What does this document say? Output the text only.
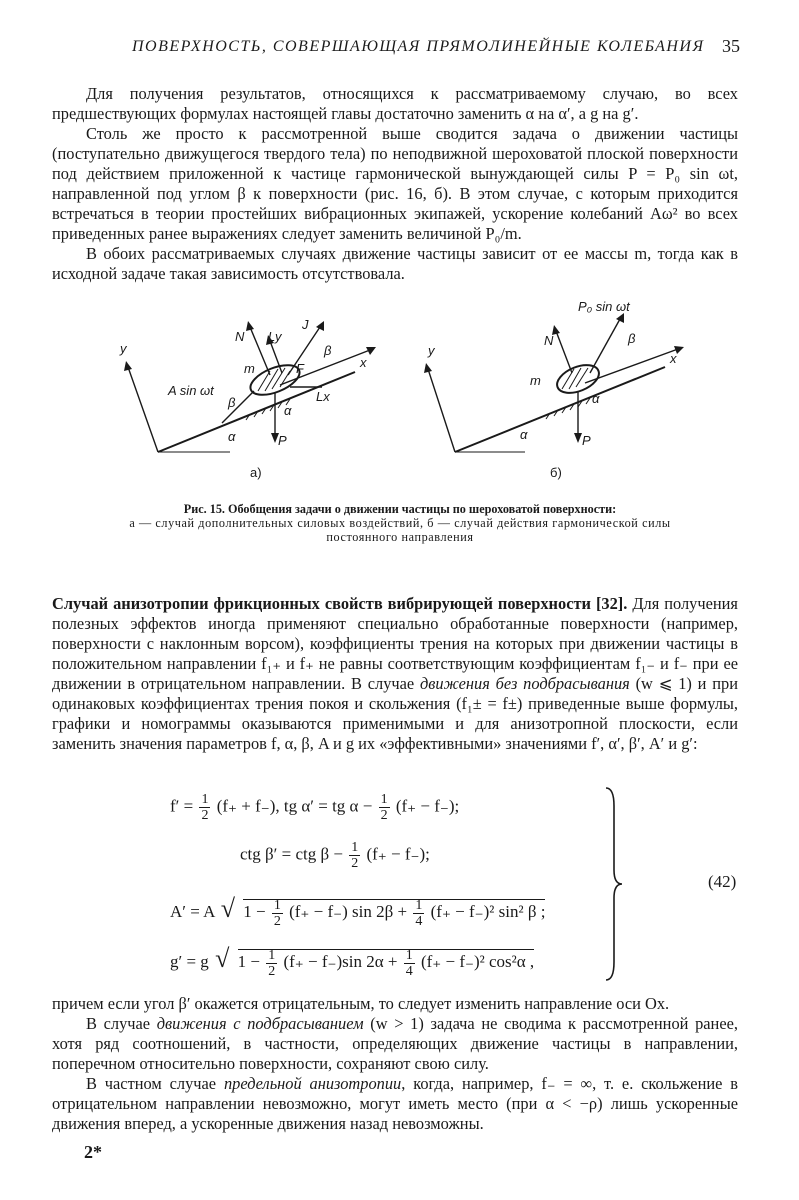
ПОВЕРХНОСТЬ, СОВЕРШАЮЩАЯ ПРЯМОЛИНЕЙНЫЕ КОЛЕБАНИЯ 35

Для получения результатов, относящихся к рассматриваемому случаю, во всех предшествующих формулах настоящей главы достаточно заменить α на α′, a g на g′.

Столь же просто к рассмотренной выше сводится задача о движении частицы (поступательно движущегося твердого тела) по неподвижной шероховатой плоской поверхности под действием приложенной к частице гармонической вынуждающей силы P = P₀ sin ωt, направленной под углом β к поверхности (рис. 16, б). В этом случае, с которым приходится встречаться в теории простейших вибрационных экипажей, ускорение колебаний Aω² во всех приведенных ранее выражениях следует заменить величиной P₀/m.

В обоих рассматриваемых случаях движение частицы зависит от ее массы m, тогда как в исходной задаче такая зависимость отсутствовала.

y
α
x
N Ly
J
β
F
m
Lx
P
α
A sin ωt
β
а)
y
α
x
N
P₀ sin ωt
β
m
P
α
б)
Рис. 15. Обобщения задачи о движении частицы по шероховатой поверхности:
а — случай дополнительных силовых воздействий, б — случай действия гармонической силы постоянного направления

Случай анизотропии фрикционных свойств вибрирующей поверхности [32]. Для получения полезных эффектов иногда применяют специально обработанные поверхности (например, поверхности с наклонным ворсом), коэффициенты трения на которых при движении частицы в положительном направлении f₁₊ и f₊ не равны соответствующим коэффициентам f₁₋ и f₋ при ее движении в отрицательном направлении. В случае движения без подбрасывания (w ⩽ 1) и при одинаковых коэффициентах трения покоя и скольжения (f₁± = f±) приведенные выше формулы, графики и номограммы оказываются применимыми и для анизотропной плоскости, если заменить значения параметров f, α, β, A и g их «эффективными» значениями f′, α′, β′, A′ и g′:

$f' = \frac{1}{2} (f_+ + f_-)$, tg α′ = tg $\alpha - \frac{1}{2} (f_+ - f_-)$;
ctg β′ = ctg $\beta - \frac{1}{2} (f_+ - f_-)$;
A′ = A √ $1 - \frac{1}{2} (f_+ - f_-)$ $\sin 2\beta + \frac{1}{4} (f_+ - f_-)^2$ sin² β ;
g′ = g √ $1 - \frac{1}{2} (f_+ - f_-)\sin$ $2\alpha + \frac{1}{4} (f_+ - f_-)^2$ cos²α ,
(42)

причем если угол β′ окажется отрицательным, то следует изменить направление оси Ox.

В случае движения с подбрасыванием (w > 1) задача не сводима к рассмотренной ранее, хотя ряд соотношений, в частности, определяющих движение частицы в направлении, поперечном относительно поверхности, сохраняют свою силу.

В частном случае предельной анизотропии, когда, например, f₋ = ∞, т. е. скольжение в отрицательном направлении невозможно, могут иметь место (при α < −ρ) лишь ускоренные движения вперед, а ускоренные движения назад невозможны.

2*
